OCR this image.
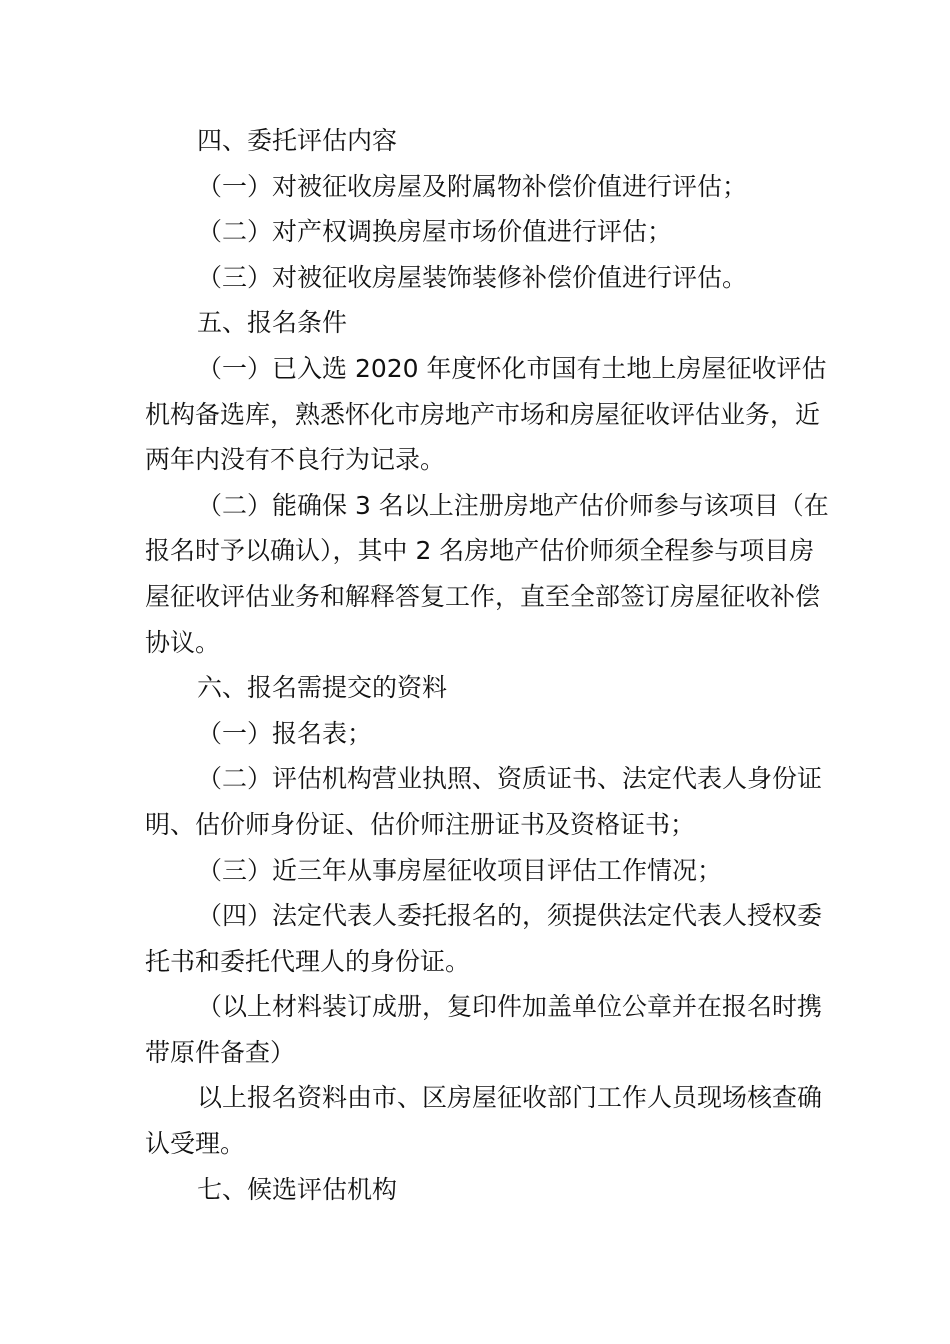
四、委托评估内容

（一）对被征收房屋及附属物补偿价值进行评估；

（二）对产权调换房屋市场价值进行评估；

（三）对被征收房屋装饰装修补偿价值进行评估。

五、报名条件

（一）已入选 2020 年度怀化市国有土地上房屋征收评估机构备选库，熟悉怀化市房地产市场和房屋征收评估业务，近两年内没有不良行为记录。

（二）能确保 3 名以上注册房地产估价师参与该项目（在报名时予以确认），其中 2 名房地产估价师须全程参与项目房屋征收评估业务和解释答复工作，直至全部签订房屋征收补偿协议。

六、报名需提交的资料

（一）报名表；

（二）评估机构营业执照、资质证书、法定代表人身份证明、估价师身份证、估价师注册证书及资格证书；

（三）近三年从事房屋征收项目评估工作情况；

（四）法定代表人委托报名的，须提供法定代表人授权委托书和委托代理人的身份证。

（以上材料装订成册，复印件加盖单位公章并在报名时携带原件备查）

以上报名资料由市、区房屋征收部门工作人员现场核查确认受理。

七、候选评估机构
